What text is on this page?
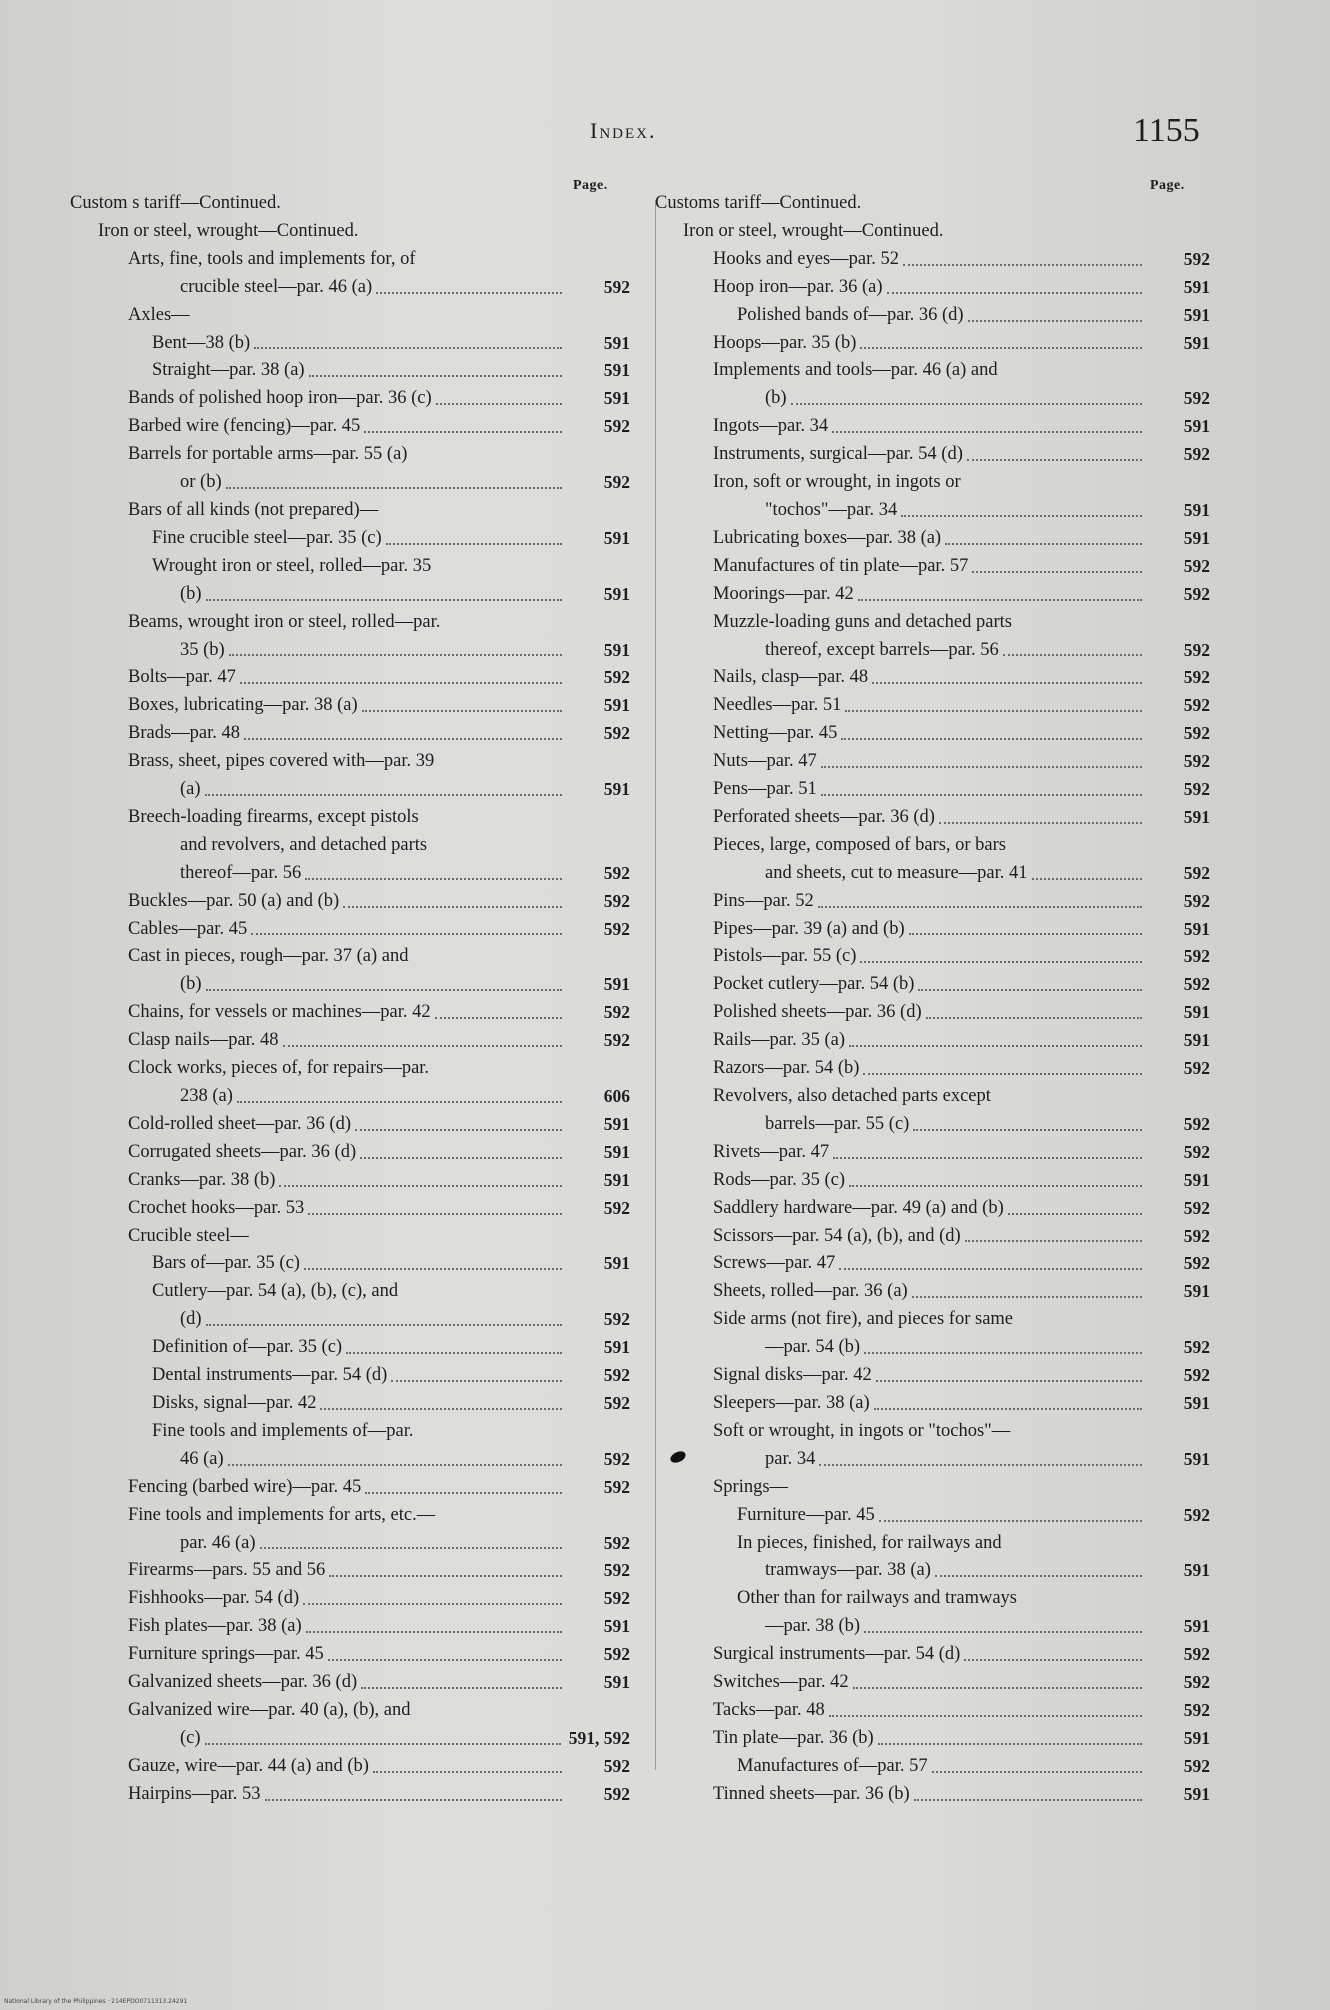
Index.	1155
Page.	Page.
Custom s tariff—Continued.
Iron or steel, wrought—Continued.
Arts, fine, tools and implements for, of
crucible steel—par. 46 (a)	592
Axles—
Bent—38 (b)	591
Straight—par. 38 (a)	591
Bands of polished hoop iron—par. 36 (c)	591
Barbed wire (fencing)—par. 45	592
Barrels for portable arms—par. 55 (a)
or (b)	592
Bars of all kinds (not prepared)—
Fine crucible steel—par. 35 (c)	591
Wrought iron or steel, rolled—par. 35
(b)	591
Beams, wrought iron or steel, rolled—par.
35 (b)	591
Bolts—par. 47	592
Boxes, lubricating—par. 38 (a)	591
Brads—par. 48	592
Brass, sheet, pipes covered with—par. 39
(a)	591
Breech-loading firearms, except pistols
and revolvers, and detached parts
thereof—par. 56	592
Buckles—par. 50 (a) and (b)	592
Cables—par. 45	592
Cast in pieces, rough—par. 37 (a) and
(b)	591
Chains, for vessels or machines—par. 42	592
Clasp nails—par. 48	592
Clock works, pieces of, for repairs—par.
238 (a)	606
Cold-rolled sheet—par. 36 (d)	591
Corrugated sheets—par. 36 (d)	591
Cranks—par. 38 (b)	591
Crochet hooks—par. 53	592
Crucible steel—
Bars of—par. 35 (c)	591
Cutlery—par. 54 (a), (b), (c), and
(d)	592
Definition of—par. 35 (c)	591
Dental instruments—par. 54 (d)	592
Disks, signal—par. 42	592
Fine tools and implements of—par.
46 (a)	592
Fencing (barbed wire)—par. 45	592
Fine tools and implements for arts, etc.—
par. 46 (a)	592
Firearms—pars. 55 and 56	592
Fishhooks—par. 54 (d)	592
Fish plates—par. 38 (a)	591
Furniture springs—par. 45	592
Galvanized sheets—par. 36 (d)	591
Galvanized wire—par. 40 (a), (b), and
(c)	591, 592
Gauze, wire—par. 44 (a) and (b)	592
Hairpins—par. 53	592
Customs tariff—Continued.
Iron or steel, wrought—Continued.
Hooks and eyes—par. 52	592
Hoop iron—par. 36 (a)	591
Polished bands of—par. 36 (d)	591
Hoops—par. 35 (b)	591
Implements and tools—par. 46 (a) and
(b)	592
Ingots—par. 34	591
Instruments, surgical—par. 54 (d)	592
Iron, soft or wrought, in ingots or
"tochos"—par. 34	591
Lubricating boxes—par. 38 (a)	591
Manufactures of tin plate—par. 57	592
Moorings—par. 42	592
Muzzle-loading guns and detached parts
thereof, except barrels—par. 56	592
Nails, clasp—par. 48	592
Needles—par. 51	592
Netting—par. 45	592
Nuts—par. 47	592
Pens—par. 51	592
Perforated sheets—par. 36 (d)	591
Pieces, large, composed of bars, or bars
and sheets, cut to measure—par. 41	592
Pins—par. 52	592
Pipes—par. 39 (a) and (b)	591
Pistols—par. 55 (c)	592
Pocket cutlery—par. 54 (b)	592
Polished sheets—par. 36 (d)	591
Rails—par. 35 (a)	591
Razors—par. 54 (b)	592
Revolvers, also detached parts except
barrels—par. 55 (c)	592
Rivets—par. 47	592
Rods—par. 35 (c)	591
Saddlery hardware—par. 49 (a) and (b)	592
Scissors—par. 54 (a), (b), and (d)	592
Screws—par. 47	592
Sheets, rolled—par. 36 (a)	591
Side arms (not fire), and pieces for same
—par. 54 (b)	592
Signal disks—par. 42	592
Sleepers—par. 38 (a)	591
Soft or wrought, in ingots or "tochos"—
par. 34	591
Springs—
Furniture—par. 45	592
In pieces, finished, for railways and
tramways—par. 38 (a)	591
Other than for railways and tramways
—par. 38 (b)	591
Surgical instruments—par. 54 (d)	592
Switches—par. 42	592
Tacks—par. 48	592
Tin plate—par. 36 (b)	591
Manufactures of—par. 57	592
Tinned sheets—par. 36 (b)	591
National Library of the Philippines · 214EPDO0711313.24291
